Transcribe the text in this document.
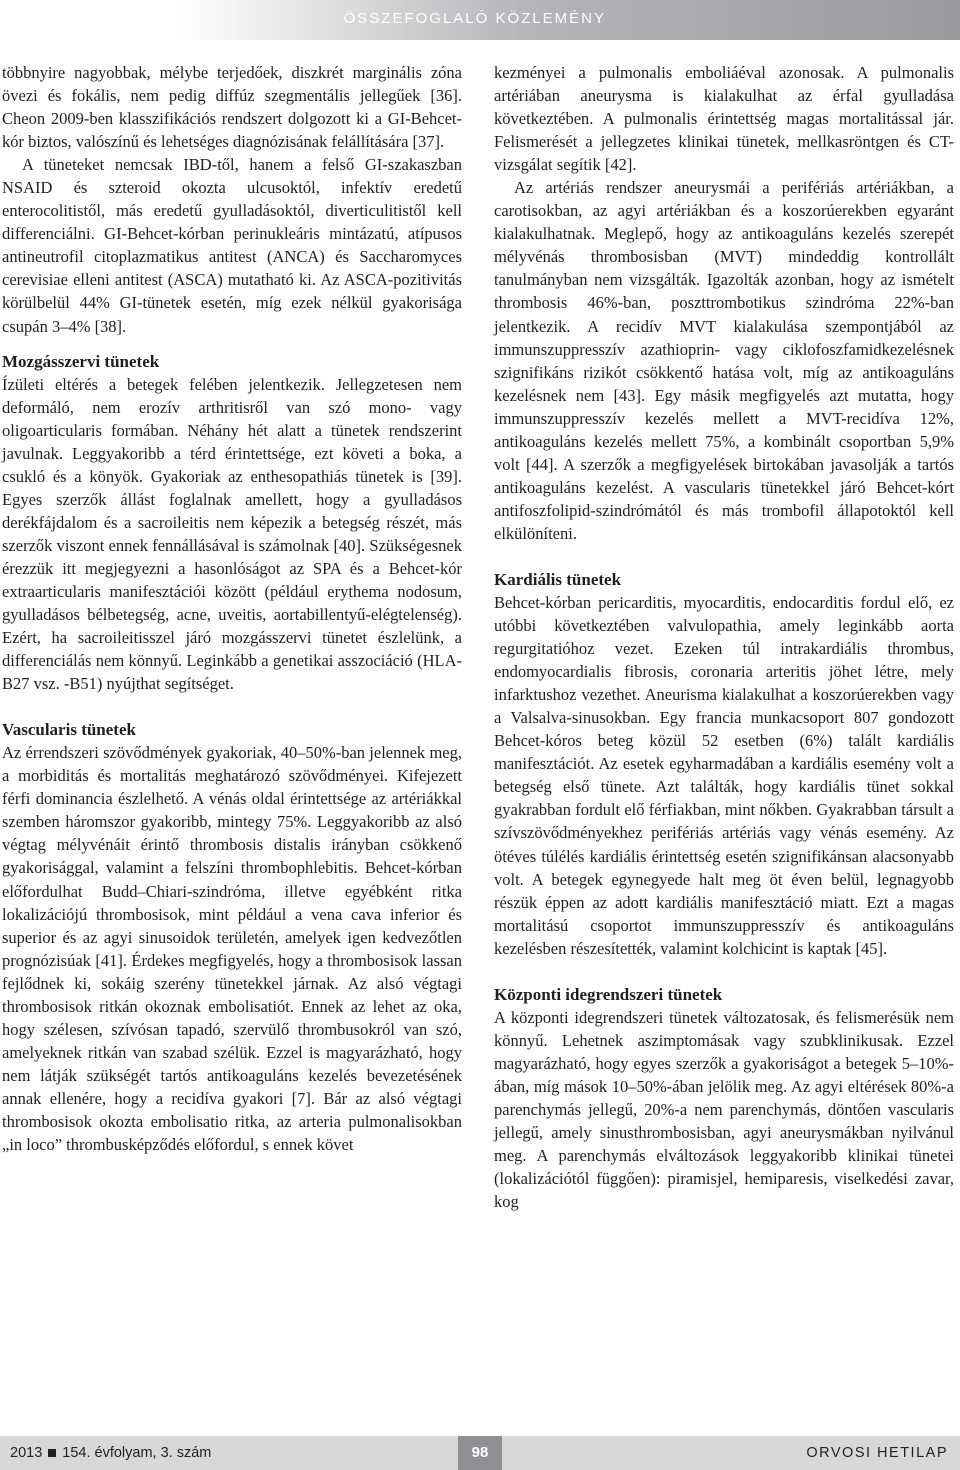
ÖSSZEFOGLALÓ KÖZLEMÉNY

többnyire nagyobbak, mélybe terjedőek, diszkrét marginális zóna övezi és fokális, nem pedig diffúz szegmentális jellegűek [36]. Cheon 2009-ben klasszifikációs rendszert dolgozott ki a GI-Behcet-kór biztos, valószínű és lehetséges diagnózisának felállítására [37].

A tüneteket nemcsak IBD-től, hanem a felső GI-szakaszban NSAID és szteroid okozta ulcusoktól, infektív eredetű enterocolitistől, más eredetű gyulladásoktól, diverticulitistől kell differenciálni. GI-Behcet-kórban perinukleáris mintázatú, atípusos antineutrofil citoplazmatikus antitest (ANCA) és Saccharomyces cerevisiae elleni antitest (ASCA) mutatható ki. Az ASCA-pozitivitás körülbelül 44% GI-tünetek esetén, míg ezek nélkül gyakorisága csupán 3–4% [38].

Mozgásszervi tünetek

Ízületi eltérés a betegek felében jelentkezik. Jellegzetesen nem deformáló, nem erozív arthritisről van szó mono- vagy oligoarticularis formában. Néhány hét alatt a tünetek rendszerint javulnak. Leggyakoribb a térd érintettsége, ezt követi a boka, a csukló és a könyök. Gyakoriak az enthesopathiás tünetek is [39]. Egyes szerzők állást foglalnak amellett, hogy a gyulladásos derékfájdalom és a sacroileitis nem képezik a betegség részét, más szerzők viszont ennek fennállásával is számolnak [40]. Szükségesnek érezzük itt megjegyezni a hasonlóságot az SPA és a Behcet-kór extraarticularis manifesztációi között (például erythema nodosum, gyulladásos bélbetegség, acne, uveitis, aortabillentyű-elégtelenség). Ezért, ha sacroileitisszel járó mozgásszervi tünetet észlelünk, a differenciálás nem könnyű. Leginkább a genetikai asszociáció (HLA-B27 vsz. -B51) nyújthat segítséget.

Vascularis tünetek

Az érrendszeri szövődmények gyakoriak, 40–50%-ban jelennek meg, a morbiditás és mortalitás meghatározó szövődményei. Kifejezett férfi dominancia észlelhető. A vénás oldal érintettsége az artériákkal szemben háromszor gyakoribb, mintegy 75%. Leggyakoribb az alsó végtag mélyvénáit érintő thrombosis distalis irányban csökkenő gyakorisággal, valamint a felszíni thrombophlebitis. Behcet-kórban előfordulhat Budd–Chiari-szindróma, illetve egyébként ritka lokalizációjú thrombosisok, mint például a vena cava inferior és superior és az agyi sinusoidok területén, amelyek igen kedvezőtlen prognózisúak [41]. Érdekes megfigyelés, hogy a thrombosisok lassan fejlődnek ki, sokáig szerény tünetekkel járnak. Az alsó végtagi thrombosisok ritkán okoznak embolisatiót. Ennek az lehet az oka, hogy szélesen, szívósan tapadó, szervülő thrombusokról van szó, amelyeknek ritkán van szabad szélük. Ezzel is magyarázható, hogy nem látják szükségét tartós antikoaguláns kezelés bevezetésének annak ellenére, hogy a recidíva gyakori [7]. Bár az alsó végtagi thrombosisok okozta embolisatio ritka, az arteria pulmonalisokban „in loco” thrombusképződés előfordul, s ennek követ

kezményei a pulmonalis emboliáéval azonosak. A pulmonalis artériában aneurysma is kialakulhat az érfal gyulladása következtében. A pulmonalis érintettség magas mortalitással jár. Felismerését a jellegzetes klinikai tünetek, mellkasröntgen és CT-vizsgálat segítik [42].

Az artériás rendszer aneurysmái a perifériás artériákban, a carotisokban, az agyi artériákban és a koszorúerekben egyaránt kialakulhatnak. Meglepő, hogy az antikoaguláns kezelés szerepét mélyvénás thrombosisban (MVT) mindeddig kontrollált tanulmányban nem vizsgálták. Igazolták azonban, hogy az ismételt thrombosis 46%-ban, poszttrombotikus szindróma 22%-ban jelentkezik. A recidív MVT kialakulása szempontjából az immunszuppresszív azathioprin- vagy ciklofoszfamidkezelésnek szignifikáns rizikót csökkentő hatása volt, míg az antikoaguláns kezelésnek nem [43]. Egy másik megfigyelés azt mutatta, hogy immunszuppresszív kezelés mellett a MVT-recidíva 12%, antikoaguláns kezelés mellett 75%, a kombinált csoportban 5,9% volt [44]. A szerzők a megfigyelések birtokában javasolják a tartós antikoaguláns kezelést. A vascularis tünetekkel járó Behcet-kórt antifoszfolipid-szindrómától és más trombofil állapotoktól kell elkülöníteni.

Kardiális tünetek

Behcet-kórban pericarditis, myocarditis, endocarditis fordul elő, ez utóbbi következtében valvulopathia, amely leginkább aorta regurgitatióhoz vezet. Ezeken túl intrakardiális thrombus, endomyocardialis fibrosis, coronaria arteritis jöhet létre, mely infarktushoz vezethet. Aneurisma kialakulhat a koszorúerekben vagy a Valsalva-sinusokban. Egy francia munkacsoport 807 gondozott Behcet-kóros beteg közül 52 esetben (6%) talált kardiális manifesztációt. Az esetek egyharmadában a kardiális esemény volt a betegség első tünete. Azt találták, hogy kardiális tünet sokkal gyakrabban fordult elő férfiakban, mint nőkben. Gyakrabban társult a szívszövődményekhez perifériás artériás vagy vénás esemény. Az ötéves túlélés kardiális érintettség esetén szignifikánsan alacsonyabb volt. A betegek egynegyede halt meg öt éven belül, legnagyobb részük éppen az adott kardiális manifesztáció miatt. Ezt a magas mortalitású csoportot immunszuppresszív és antikoaguláns kezelésben részesítették, valamint kolchicint is kaptak [45].

Központi idegrendszeri tünetek

A központi idegrendszeri tünetek változatosak, és felismerésük nem könnyű. Lehetnek aszimptomásak vagy szubklinikusak. Ezzel magyarázható, hogy egyes szerzők a gyakoriságot a betegek 5–10%-ában, míg mások 10–50%-ában jelölik meg. Az agyi eltérések 80%-a parenchymás jellegű, 20%-a nem parenchymás, döntően vascularis jellegű, amely sinusthrombosisban, agyi aneurysmákban nyilvánul meg. A parenchymás elváltozások leggyakoribb klinikai tünetei (lokalizációtól függően): piramisjel, hemiparesis, viselkedési zavar, kog

2013 154. évfolyam, 3. szám	ORVOSI HETILAP
98
